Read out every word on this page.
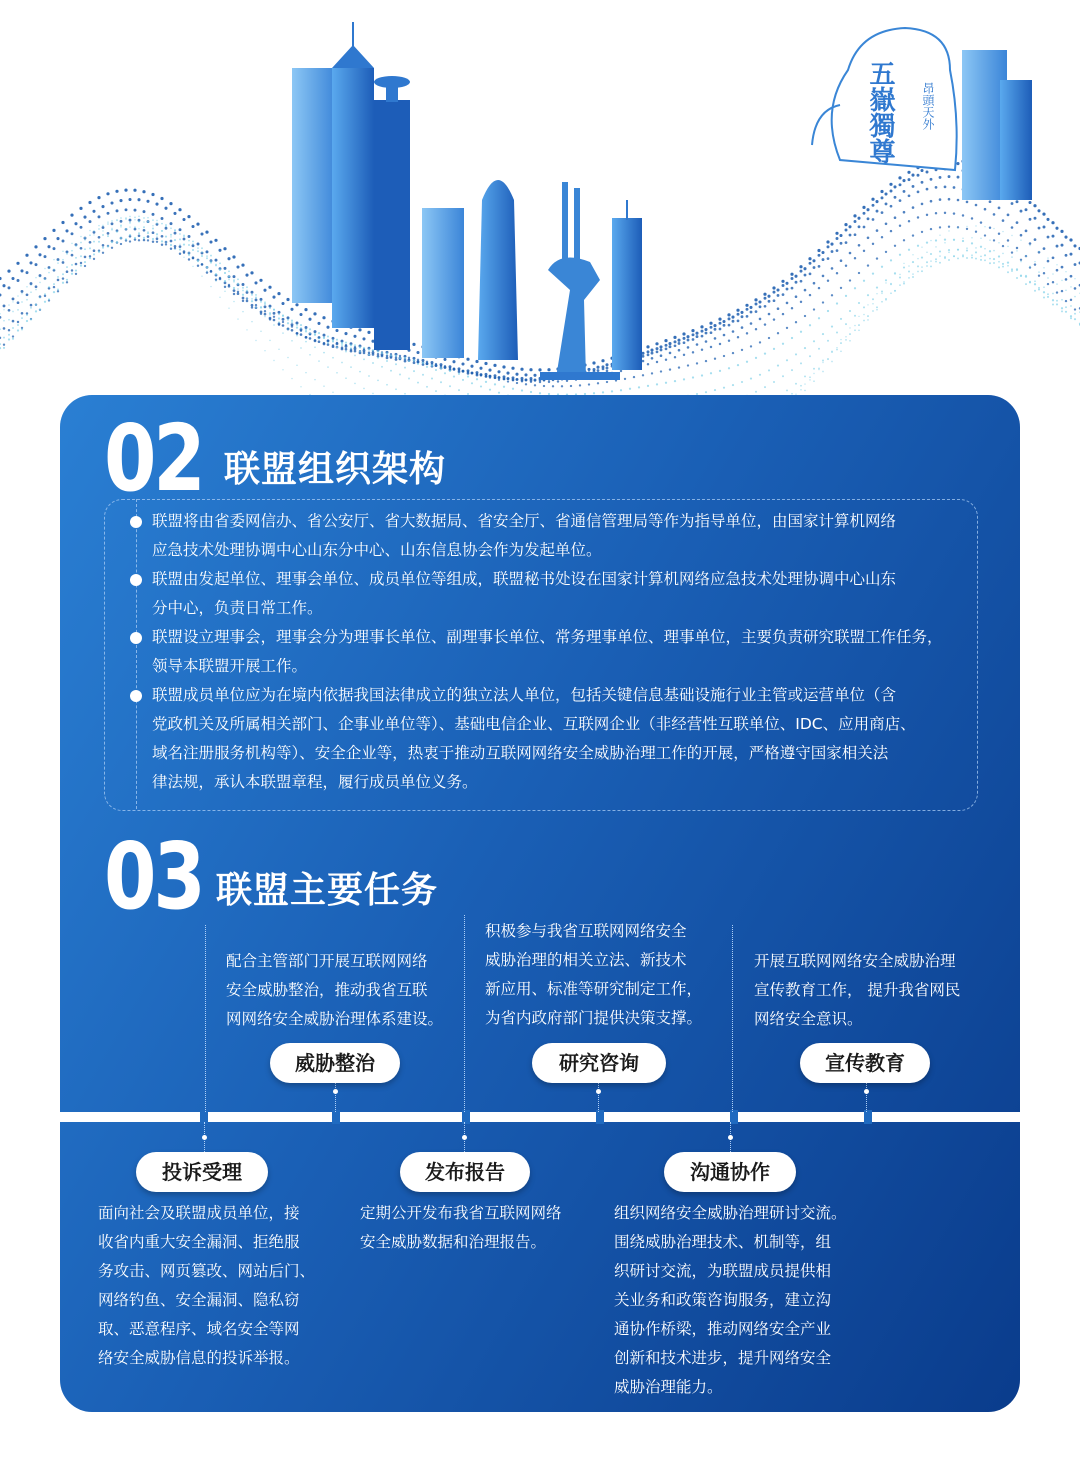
五嶽獨尊 昂頭天外
02 联盟组织架构
联盟将由省委网信办、省公安厅、省大数据局、省安全厅、省通信管理局等作为指导单位，由国家计算机网络
应急技术处理协调中心山东分中心、山东信息协会作为发起单位。
联盟由发起单位、理事会单位、成员单位等组成，联盟秘书处设在国家计算机网络应急技术处理协调中心山东
分中心，负责日常工作。
联盟设立理事会，理事会分为理事长单位、副理事长单位、常务理事单位、理事单位，主要负责研究联盟工作任务，
领导本联盟开展工作。
联盟成员单位应为在境内依据我国法律成立的独立法人单位，包括关键信息基础设施行业主管或运营单位（含
党政机关及所属相关部门、企事业单位等）、基础电信企业、互联网企业（非经营性互联单位、IDC、应用商店、
域名注册服务机构等）、安全企业等，热衷于推动互联网网络安全威胁治理工作的开展，严格遵守国家相关法
律法规，承认本联盟章程，履行成员单位义务。
03 联盟主要任务
配合主管部门开展互联网网络
安全威胁整治，推动我省互联
网网络安全威胁治理体系建设。
威胁整治
积极参与我省互联网网络安全
威胁治理的相关立法、新技术
新应用、标准等研究制定工作，
为省内政府部门提供决策支撑。
研究咨询
开展互联网网络安全威胁治理
宣传教育工作， 提升我省网民
网络安全意识。
宣传教育
投诉受理
面向社会及联盟成员单位，接
收省内重大安全漏洞、拒绝服
务攻击、网页篡改、网站后门、
网络钓鱼、安全漏洞、隐私窃
取、恶意程序、域名安全等网
络安全威胁信息的投诉举报。
发布报告
定期公开发布我省互联网网络
安全威胁数据和治理报告。
沟通协作
组织网络安全威胁治理研讨交流。
围绕威胁治理技术、机制等，组
织研讨交流，为联盟成员提供相
关业务和政策咨询服务，建立沟
通协作桥梁，推动网络安全产业
创新和技术进步，提升网络安全
威胁治理能力。
